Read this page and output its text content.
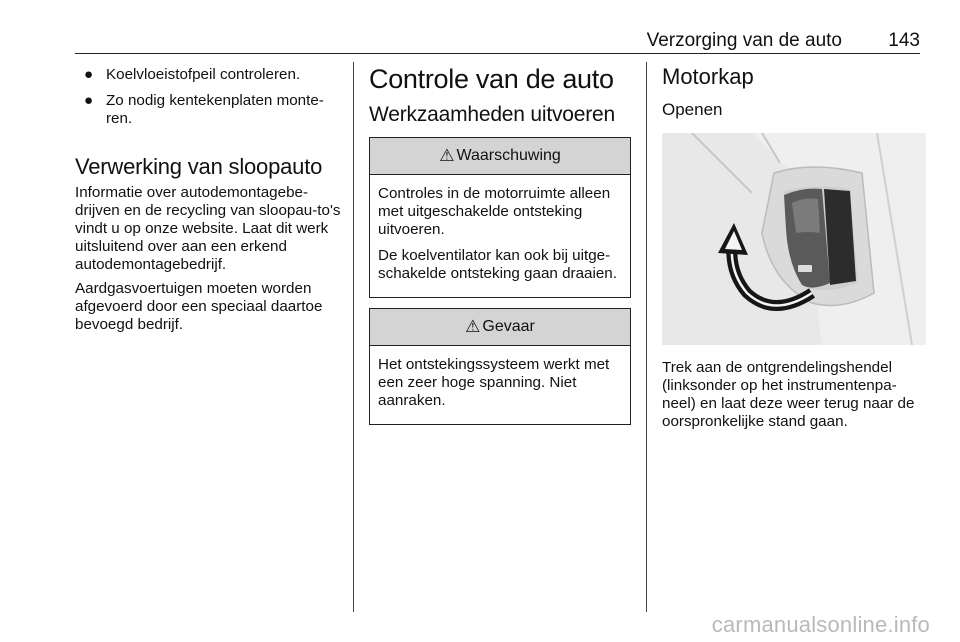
Verzorging van de auto 143
● Koelvloeistofpeil controleren.
● Zo nodig kentekenplaten monte-ren.
Verwerking van sloopauto

Informatie over autodemontagebe-drijven en de recycling van sloopau-to's vindt u op onze website. Laat dit werk uitsluitend over aan een erkend autodemontagebedrijf.

Aardgasvoertuigen moeten worden afgevoerd door een speciaal daartoe bevoegd bedrijf.

Controle van de auto
Werkzaamheden uitvoeren
⚠ Waarschuwing

Controles in de motorruimte alleen met uitgeschakelde ontsteking uitvoeren.

De koelventilator kan ook bij uitge-schakelde ontsteking gaan draaien.

⚠ Gevaar

Het ontstekingssysteem werkt met een zeer hoge spanning. Niet aanraken.

Motorkap
Openen

Trek aan de ontgrendelingshendel (linksonder op het instrumentenpa-neel) en laat deze weer terug naar de oorspronkelijke stand gaan.

carmanualsonline.info
